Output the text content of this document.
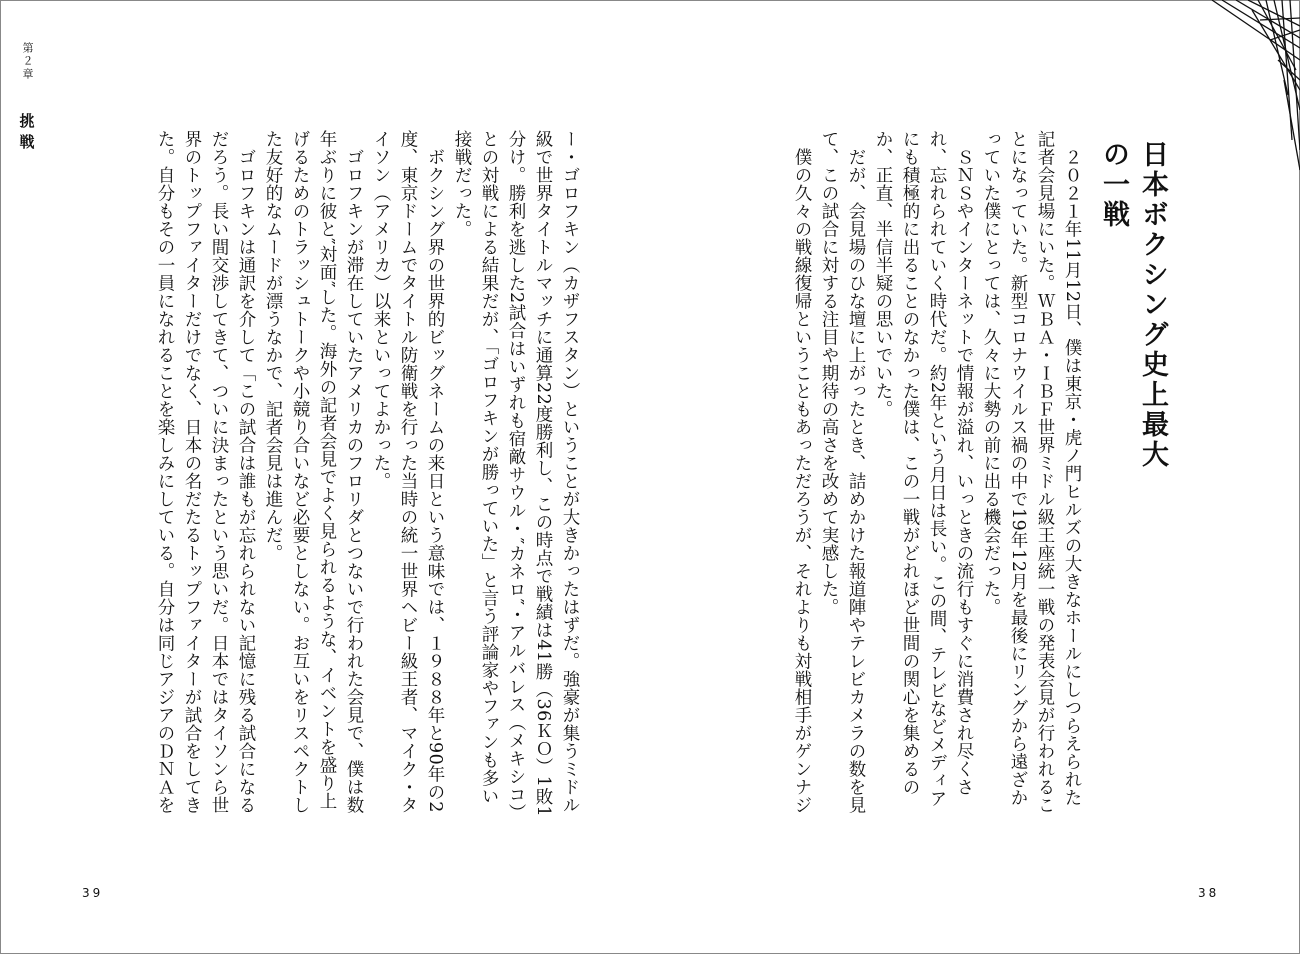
第２章
挑戦
日本ボクシング史上最大の一戦

２０２１年11月12日、僕は東京・虎ノ門ヒルズの大きなホールにしつらえられた記者会見場にいた。ＷＢＡ・ＩＢＦ世界ミドル級王座統一戦の発表会見が行われることになっていた。新型コロナウイルス禍の中で19年12月を最後にリングから遠ざかっていた僕にとっては、久々に大勢の前に出る機会だった。

ＳＮＳやインターネットで情報が溢れ、いっときの流行もすぐに消費され尽くされ、忘れられていく時代だ。約2年という月日は長い。この間、テレビなどメディアにも積極的に出ることのなかった僕は、この一戦がどれほど世間の関心を集めるのか、正直、半信半疑の思いでいた。

だが、会見場のひな壇に上がったとき、詰めかけた報道陣やテレビカメラの数を見て、この試合に対する注目や期待の高さを改めて実感した。

僕の久々の戦線復帰ということもあっただろうが、それよりも対戦相手がゲンナジ

ー・ゴロフキン（カザフスタン）ということが大きかったはずだ。強豪が集うミドル級で世界タイトルマッチに通算22度勝利し、この時点で戦績は41勝（36ＫＯ）1敗1分け。勝利を逃した2試合はいずれも宿敵サウル・″カネロ″・アルバレス（メキシコ）との対戦による結果だが、「ゴロフキンが勝っていた」と言う評論家やファンも多い接戦だった。

ボクシング界の世界的ビッグネームの来日という意味では、１９８８年と90年の2度、東京ドームでタイトル防衛戦を行った当時の統一世界ヘビー級王者、マイク・タイソン（アメリカ）以来といってよかった。

ゴロフキンが滞在していたアメリカのフロリダとつないで行われた会見で、僕は数年ぶりに彼と″対面″した。海外の記者会見でよく見られるような、イベントを盛り上げるためのトラッシュトークや小競り合いなど必要としない。お互いをリスペクトした友好的なムードが漂うなかで、記者会見は進んだ。

ゴロフキンは通訳を介して「この試合は誰もが忘れられない記憶に残る試合になるだろう。長い間交渉してきて、ついに決まったという思いだ。日本ではタイソンら世界のトップファイターだけでなく、日本の名だたるトップファイターが試合をしてきた。自分もその一員になれることを楽しみにしている。自分は同じアジアのＤＮＡを

39	38
